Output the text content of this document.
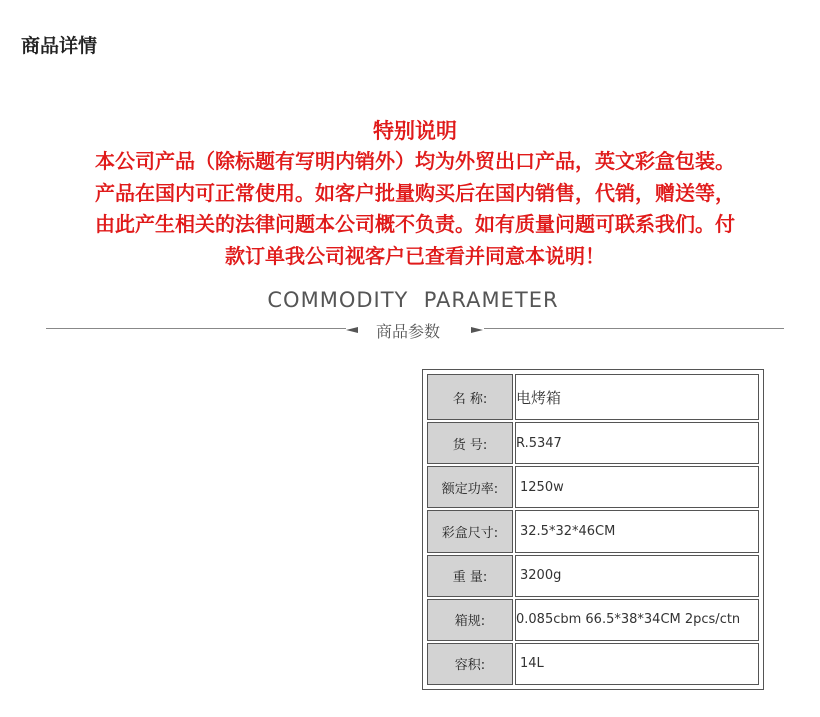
商品详情
特别说明
本公司产品（除标题有写明内销外）均为外贸出口产品，英文彩盒包装。
产品在国内可正常使用。如客户批量购买后在国内销售，代销，赠送等，
由此产生相关的法律问题本公司概不负责。如有质量问题可联系我们。付
款订单我公司视客户已查看并同意本说明！
COMMODITY  PARAMETER
商品参数
名 称:	电烤箱
货 号:	R.5347
额定功率:	1250w
彩盒尺寸:	32.5*32*46CM
重 量:	3200g
箱规:	0.085cbm 66.5*38*34CM 2pcs/ctn
容积:	14L
